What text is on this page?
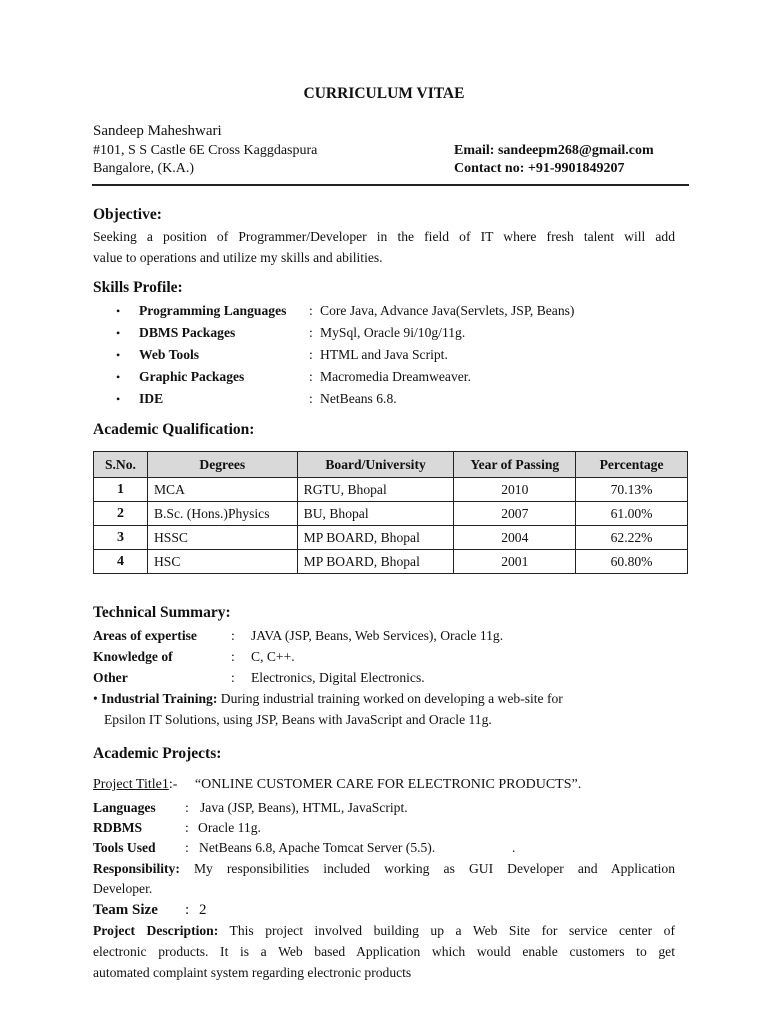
CURRICULUM VITAE
Sandeep Maheshwari
#101, S S Castle 6E Cross Kaggdaspura
Bangalore, (K.A.)
Email: sandeepm268@gmail.com
Contact no: +91-9901849207
Objective:
Seeking a position of Programmer/Developer in the field of IT where fresh talent will add
value to operations and utilize my skills and abilities.
Skills Profile:
• Programming Languages : Core Java, Advance Java(Servlets, JSP, Beans)
• DBMS Packages	: MySql, Oracle 9i/10g/11g.
• Web Tools	: HTML and Java Script.
• Graphic Packages	: Macromedia Dreamweaver.
• IDE	: NetBeans 6.8.
Academic Qualification:
S.No.	Degrees	Board/University	Year of Passing	Percentage
1	MCA	RGTU, Bhopal	2010	70.13%
2	B.Sc. (Hons.)Physics	BU, Bhopal	2007	61.00%
3	HSSC	MP BOARD, Bhopal	2004	62.22%
4	HSC	MP BOARD, Bhopal	2001	60.80%
Technical Summary:
Areas of expertise	: JAVA (JSP, Beans, Web Services), Oracle 11g.
Knowledge of	: C, C++.
Other	: Electronics, Digital Electronics.
• Industrial Training: During industrial training worked on developing a web-site for
Epsilon IT Solutions, using JSP, Beans with JavaScript and Oracle 11g.
Academic Projects:
Project Title1:- “ONLINE CUSTOMER CARE FOR ELECTRONIC PRODUCTS”.
Languages : Java (JSP, Beans), HTML, JavaScript.
RDBMS	: Oracle 11g.
Tools Used : NetBeans 6.8, Apache Tomcat Server (5.5).	.
Responsibility: My responsibilities included working as GUI Developer and Application
Developer.
Team Size : 2
Project Description: This project involved building up a Web Site for service center of
electronic products. It is a Web based Application which would enable customers to get
automated complaint system regarding electronic products
